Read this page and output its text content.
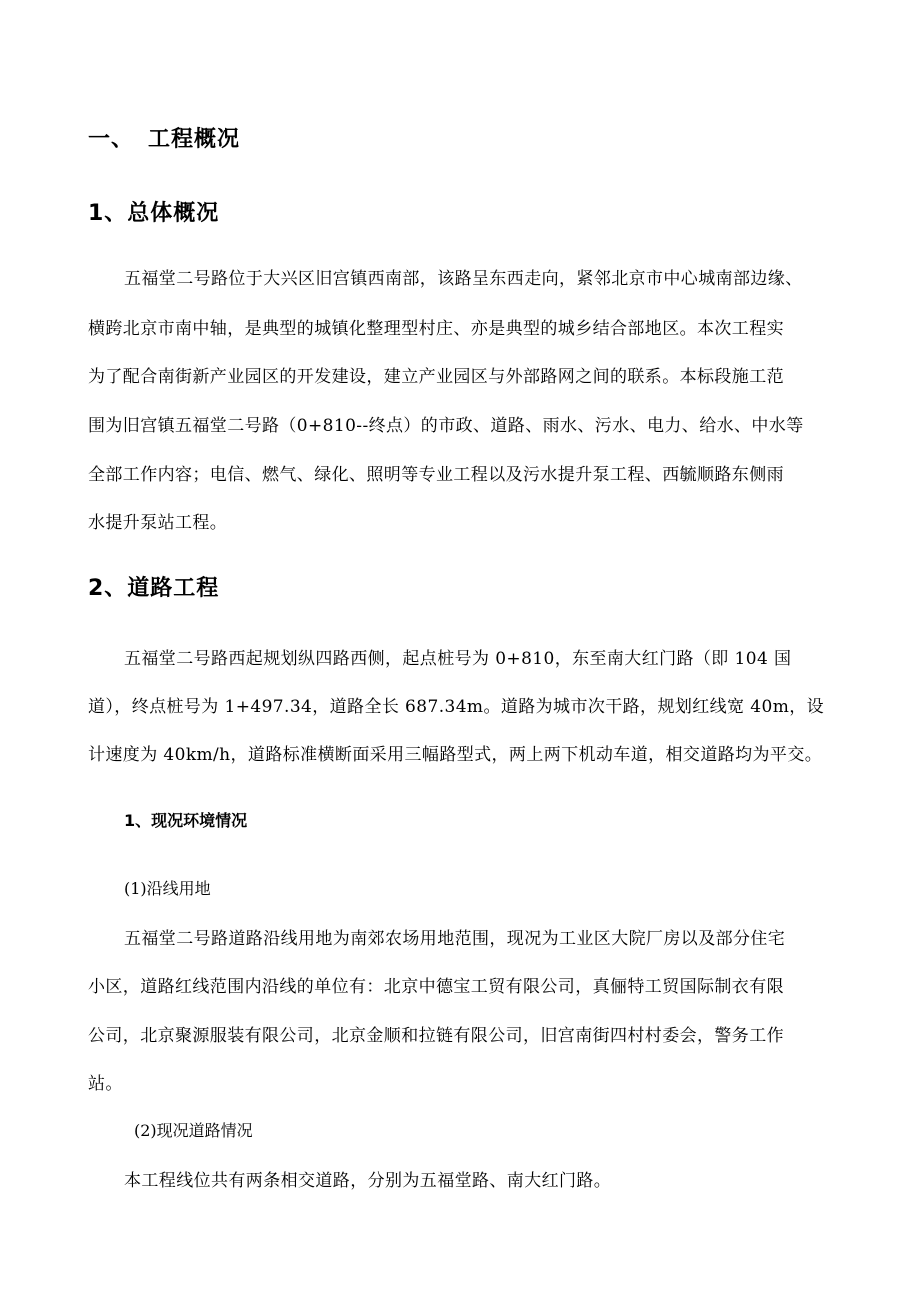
一、 工程概况
1、总体概况

五福堂二号路位于大兴区旧宫镇西南部，该路呈东西走向，紧邻北京市中心城南部边缘、

横跨北京市南中轴，是典型的城镇化整理型村庄、亦是典型的城乡结合部地区。本次工程实

为了配合南街新产业园区的开发建设，建立产业园区与外部路网之间的联系。本标段施工范

围为旧宫镇五福堂二号路（0+810--终点）的市政、道路、雨水、污水、电力、给水、中水等

全部工作内容；电信、燃气、绿化、照明等专业工程以及污水提升泵工程、西毓顺路东侧雨

水提升泵站工程。

2、道路工程

五福堂二号路西起规划纵四路西侧，起点桩号为 0+810，东至南大红门路（即 104 国

道），终点桩号为 1+497.34，道路全长 687.34m。道路为城市次干路，规划红线宽 40m，设

计速度为 40km/h，道路标准横断面采用三幅路型式，两上两下机动车道，相交道路均为平交。

1、现况环境情况

(1)沿线用地

五福堂二号路道路沿线用地为南郊农场用地范围，现况为工业区大院厂房以及部分住宅

小区，道路红线范围内沿线的单位有：北京中德宝工贸有限公司，真俪特工贸国际制衣有限

公司，北京聚源服装有限公司，北京金顺和拉链有限公司，旧宫南街四村村委会，警务工作

站。

(2)现况道路情况

本工程线位共有两条相交道路，分别为五福堂路、南大红门路。
